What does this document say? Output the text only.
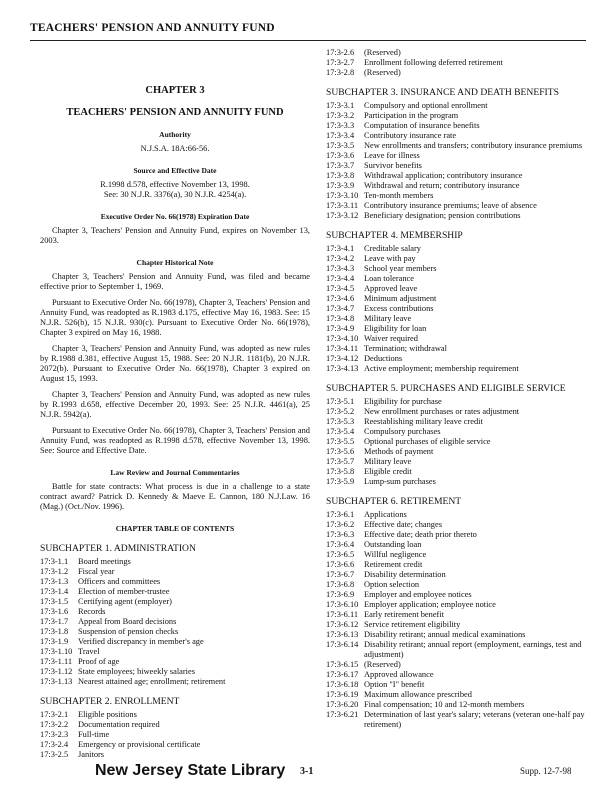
TEACHERS' PENSION AND ANNUITY FUND
CHAPTER 3
TEACHERS' PENSION AND ANNUITY FUND
Authority
N.J.S.A. 18A:66-56.
Source and Effective Date
R.1998 d.578, effective November 13, 1998.
See: 30 N.J.R. 3376(a), 30 N.J.R. 4254(a).
Executive Order No. 66(1978) Expiration Date

Chapter 3, Teachers' Pension and Annuity Fund, expires on November 13, 2003.

Chapter Historical Note

Chapter 3, Teachers' Pension and Annuity Fund, was filed and became effective prior to September 1, 1969.

Pursuant to Executive Order No. 66(1978), Chapter 3, Teachers' Pension and Annuity Fund, was readopted as R.1983 d.175, effective May 16, 1983. See: 15 N.J.R. 526(b), 15 N.J.R. 930(c). Pursuant to Executive Order No. 66(1978), Chapter 3 expired on May 16, 1988.

Chapter 3, Teachers' Pension and Annuity Fund, was adopted as new rules by R.1988 d.381, effective August 15, 1988. See: 20 N.J.R. 1181(b), 20 N.J.R. 2072(b). Pursuant to Executive Order No. 66(1978), Chapter 3 expired on August 15, 1993.

Chapter 3, Teachers' Pension and Annuity Fund, was adopted as new rules by R.1993 d.658, effective December 20, 1993. See: 25 N.J.R. 4461(a), 25 N.J.R. 5942(a).

Pursuant to Executive Order No. 66(1978), Chapter 3, Teachers' Pension and Annuity Fund, was readopted as R.1998 d.578, effective November 13, 1998. See: Source and Effective Date.

Law Review and Journal Commentaries

Battle for state contracts: What process is due in a challenge to a state contract award? Patrick D. Kennedy & Maeve E. Cannon, 180 N.J.Law. 16 (Mag.) (Oct./Nov. 1996).

CHAPTER TABLE OF CONTENTS
SUBCHAPTER 1. ADMINISTRATION
17:3-1.1	Board meetings
17:3-1.2	Fiscal year
17:3-1.3	Officers and committees
17:3-1.4	Election of member-trustee
17:3-1.5	Certifying agent (employer)
17:3-1.6	Records
17:3-1.7	Appeal from Board decisions
17:3-1.8	Suspension of pension checks
17:3-1.9	Verified discrepancy in member's age
17:3-1.10 Travel
17:3-1.11 Proof of age
17:3-1.12 State employees; biweekly salaries
17:3-1.13 Nearest attained age; enrollment; retirement
SUBCHAPTER 2. ENROLLMENT
17:3-2.1	Eligible positions
17:3-2.2	Documentation required
17:3-2.3	Full-time
17:3-2.4	Emergency or provisional certificate
17:3-2.5	Janitors
17:3-2.6	(Reserved)
17:3-2.7	Enrollment following deferred retirement
17:3-2.8	(Reserved)
SUBCHAPTER 3. INSURANCE AND DEATH BENEFITS
17:3-3.1	Compulsory and optional enrollment
17:3-3.2	Participation in the program
17:3-3.3	Computation of insurance benefits
17:3-3.4	Contributory insurance rate
17:3-3.5	New enrollments and transfers; contributory insurance premiums
17:3-3.6	Leave for illness
17:3-3.7	Survivor benefits
17:3-3.8	Withdrawal application; contributory insurance
17:3-3.9	Withdrawal and return; contributory insurance
17:3-3.10 Ten-month members
17:3-3.11 Contributory insurance premiums; leave of absence
17:3-3.12 Beneficiary designation; pension contributions
SUBCHAPTER 4. MEMBERSHIP
17:3-4.1	Creditable salary
17:3-4.2	Leave with pay
17:3-4.3	School year members
17:3-4.4	Loan tolerance
17:3-4.5	Approved leave
17:3-4.6	Minimum adjustment
17:3-4.7	Excess contributions
17:3-4.8	Military leave
17:3-4.9	Eligibility for loan
17:3-4.10 Waiver required
17:3-4.11 Termination; withdrawal
17:3-4.12 Deductions
17:3-4.13 Active employment; membership requirement
SUBCHAPTER 5. PURCHASES AND ELIGIBLE SERVICE
17:3-5.1	Eligibility for purchase
17:3-5.2	New enrollment purchases or rates adjustment
17:3-5.3	Reestablishing military leave credit
17:3-5.4	Compulsory purchases
17:3-5.5	Optional purchases of eligible service
17:3-5.6	Methods of payment
17:3-5.7	Military leave
17:3-5.8	Eligible credit
17:3-5.9	Lump-sum purchases
SUBCHAPTER 6. RETIREMENT
17:3-6.1	Applications
17:3-6.2	Effective date; changes
17:3-6.3	Effective date; death prior thereto
17:3-6.4	Outstanding loan
17:3-6.5	Willful negligence
17:3-6.6	Retirement credit
17:3-6.7	Disability determination
17:3-6.8	Option selection
17:3-6.9	Employer and employee notices
17:3-6.10 Employer application; employee notice
17:3-6.11 Early retirement benefit
17:3-6.12 Service retirement eligibility
17:3-6.13 Disability retirant; annual medical examinations
17:3-6.14 Disability retirant; annual report (employment, earnings, test and adjustment)
17:3-6.15 (Reserved)
17:3-6.17 Approved allowance
17:3-6.18 Option "I" benefit
17:3-6.19 Maximum allowance prescribed
17:3-6.20 Final compensation; 10 and 12-month members
17:3-6.21 Determination of last year's salary; veterans (veteran one-half pay retirement)
New Jersey State Library 3-1	Supp. 12-7-98
